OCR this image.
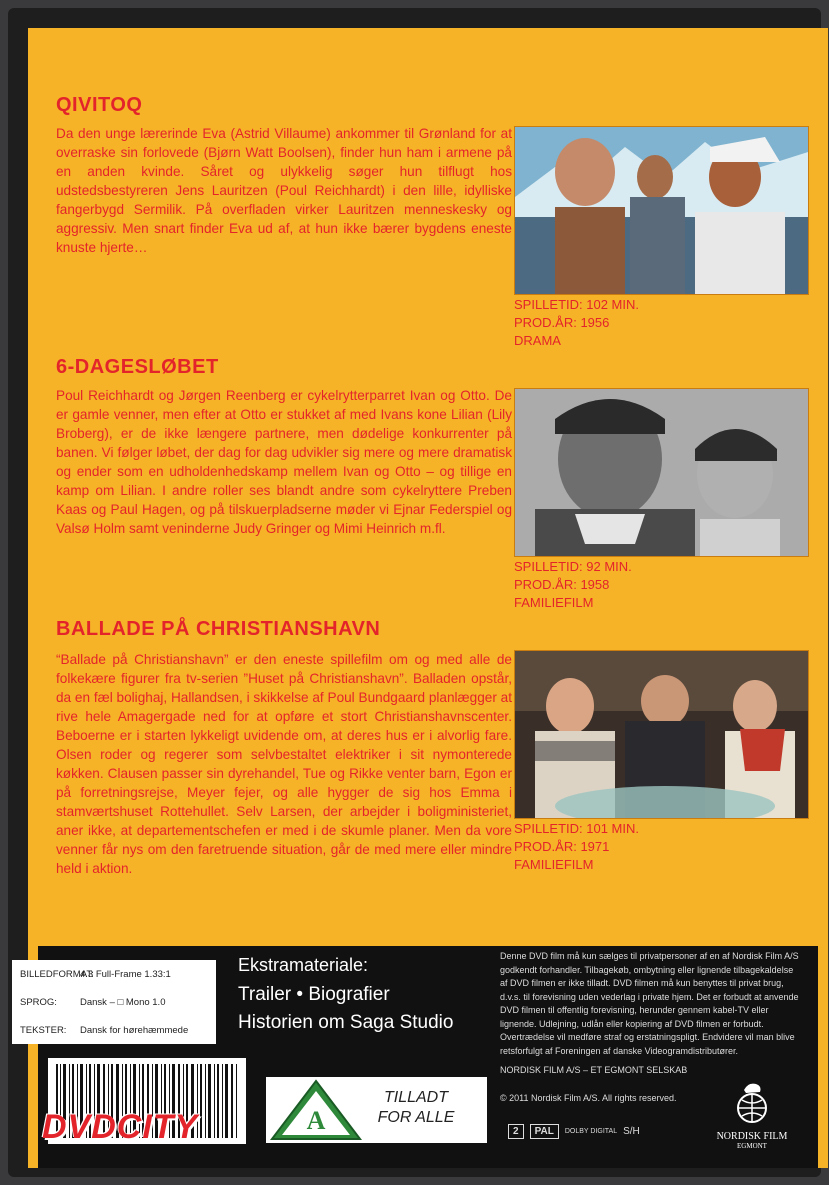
QIVITOQ
Da den unge lærerinde Eva (Astrid Villaume) ankommer til Grønland for at overraske sin forlovede (Bjørn Watt Boolsen), finder hun ham i armene på en anden kvinde. Såret og ulykkelig søger hun tilflugt hos udstedsbestyreren Jens Lauritzen (Poul Reichhardt) i den lille, idylliske fangerbygd Sermilik. På overfladen virker Lauritzen menneskesky og aggressiv. Men snart finder Eva ud af, at hun ikke bærer bygdens eneste knuste hjerte…
SPILLETID: 102 MIN.
PROD.ÅR: 1956
DRAMA
6-DAGESLØBET
Poul Reichhardt og Jørgen Reenberg er cykelrytterparret Ivan og Otto. De er gamle venner, men efter at Otto er stukket af med Ivans kone Lilian (Lily Broberg), er de ikke længere partnere, men dødelige konkurrenter på banen. Vi følger løbet, der dag for dag udvikler sig mere og mere dramatisk og ender som en udholdenhedskamp mellem Ivan og Otto – og tillige en kamp om Lilian. I andre roller ses blandt andre som cykelryttere Preben Kaas og Paul Hagen, og på tilskuerpladserne møder vi Ejnar Federspiel og Valsø Holm samt veninderne Judy Gringer og Mimi Heinrich m.fl.
SPILLETID: 92 MIN.
PROD.ÅR: 1958
FAMILIEFILM
BALLADE PÅ CHRISTIANSHAVN
“Ballade på Christianshavn” er den eneste spillefilm om og med alle de folkekære figurer fra tv-serien ”Huset på Christianshavn”. Balladen opstår, da en fæl bolighaj, Hallandsen, i skikkelse af Poul Bundgaard planlægger at rive hele Amagergade ned for at opføre et stort Christianshavnscenter. Beboerne er i starten lykkeligt uvidende om, at deres hus er i alvorlig fare. Olsen roder og regerer som selvbestaltet elektriker i sit nymonterede køkken. Clausen passer sin dyrehandel, Tue og Rikke venter barn, Egon er på forretningsrejse, Meyer fejer, og alle hygger de sig hos Emma i stamværtshuset Rottehullet. Selv Larsen, der arbejder i boligministeriet, aner ikke, at departementschefen er med i de skumle planer. Men da vore venner får nys om den faretruende situation, går de med mere eller mindre held i aktion.
SPILLETID: 101 MIN.
PROD.ÅR: 1971
FAMILIEFILM
BILLEDFORMAT:
4.3 Full-Frame 1.33:1
SPROG:	Dansk – □ Mono 1.0
TEKSTER:	Dansk for hørehæmmede
DVDCITY
Ekstramateriale:
Trailer • Biografier
Historien om Saga Studio
A
TILLADT
FOR ALLE

Denne DVD film må kun sælges til privatpersoner af en af Nordisk Film A/S godkendt forhandler. Tilbagekøb, ombytning eller lignende tilbagekaldelse af DVD filmen er ikke tilladt. DVD filmen må kun benyttes til privat brug, d.v.s. til forevisning uden vederlag i private hjem. Det er forbudt at anvende DVD filmen til offentlig forevisning, herunder gennem kabel-TV eller lignende. Udlejning, udlån eller kopiering af DVD filmen er forbudt. Overtrædelse vil medføre straf og erstatningspligt. Endvidere vil man blive retsforfulgt af Foreningen af danske Videogramdistributører.

NORDISK FILM A/S – ET EGMONT SELSKAB

© 2011 Nordisk Film A/S. All rights reserved.

2	PAL	DOLBY DIGITAL S/H	NORDISK FILM
EGMONT
